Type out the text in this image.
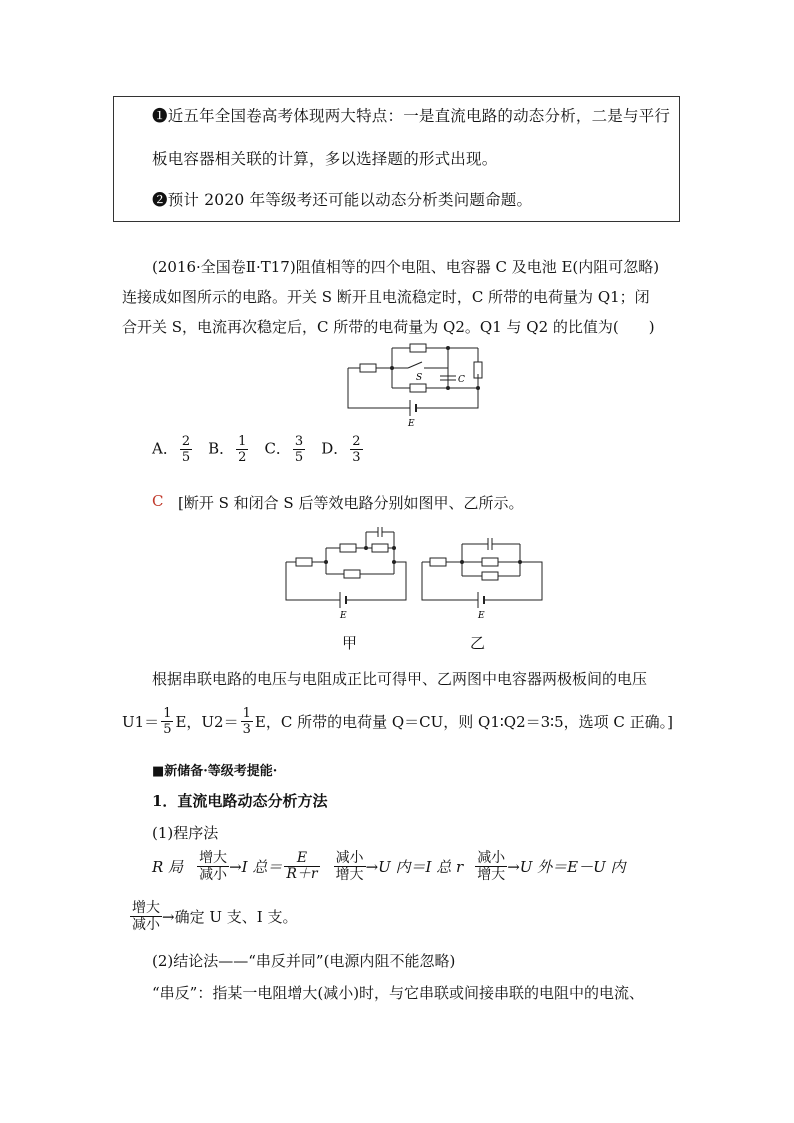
❶近五年全国卷高考体现两大特点：一是直流电路的动态分析，二是与平行
板电容器相关联的计算，多以选择题的形式出现。
❷预计 2020 年等级考还可能以动态分析类问题命题。
(2016·全国卷Ⅱ·T17)阻值相等的四个电阻、电容器 C 及电池 E(内阻可忽略)
连接成如图所示的电路。开关 S 断开且电流稳定时，C 所带的电荷量为 Q1；闭
合开关 S，电流再次稳定后，C 所带的电荷量为 Q2。Q1 与 Q2 的比值为(　　)
S	C
E
A． $\frac{2}{5}$ B． $\frac{1}{2}$ C． $\frac{3}{5}$ D． $\frac{2}{3}$
C [断开 S 和闭合 S 后等效电路分别如图甲、乙所示。
E	E
甲	乙
根据串联电路的电压与电阻成正比可得甲、乙两图中电容器两极板间的电压
$U1= \frac{1}{5}$ E，$U2= \frac{1}{3}$ E，C 所带的电荷量 Q＝CU，则 Q1∶Q2＝3∶5，选项 C 正确。]
■新储备·等级考提能·
1．直流电路动态分析方法
(1)程序法
R 局 增大
减小 →I 总＝ $\frac{E}{R+r}$ 减小
增大 →U 内＝I 总 r 减小
增大 →U 外＝E－U 内
增大
减小 →确定 U 支、I 支。
(2)结论法——“串反并同”(电源内阻不能忽略)
“串反”：指某一电阻增大(减小)时，与它串联或间接串联的电阻中的电流、
